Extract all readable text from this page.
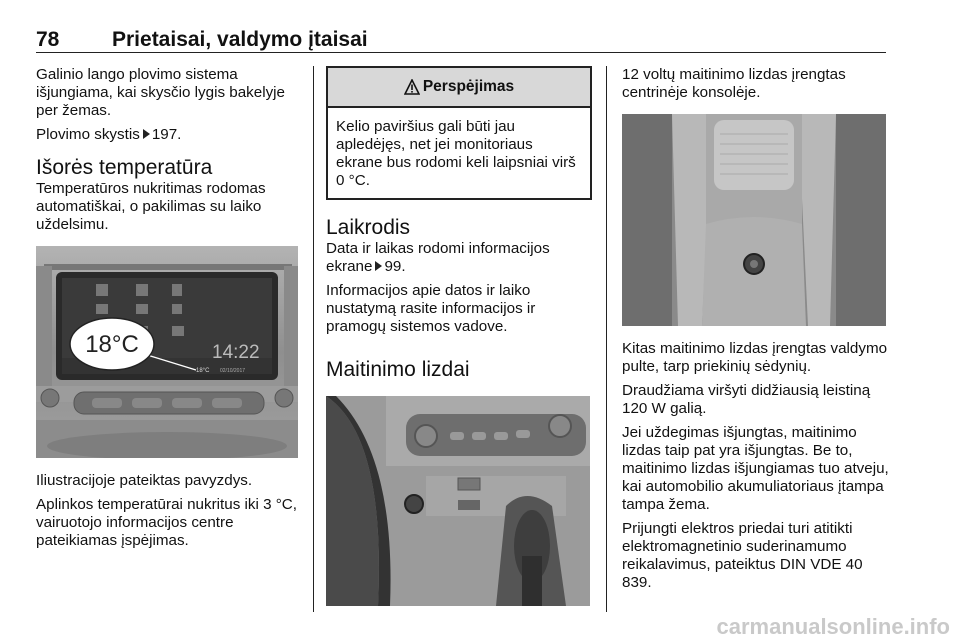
78	Prietaisai, valdymo įtaisai

Galinio lango plovimo sistema išjungiama, kai skysčio lygis bakelyje per žemas.

Plovimo skystis 197.

Išorės temperatūra

Temperatūros nukritimas rodomas automatiškai, o pakilimas su laiko uždelsimu.

14:22
18°C 02/10/2017
18°C

Iliustracijoje pateiktas pavyzdys.

Aplinkos temperatūrai nukritus iki 3 °C, vairuotojo informacijos centre pateikiamas įspėjimas.

Perspėjimas
Kelio paviršius gali būti jau apledėjęs, net jei monitoriaus ekrane bus rodomi keli laipsniai virš 0 °C.
Laikrodis

Data ir laikas rodomi informacijos ekrane 99.

Informacijos apie datos ir laiko nustatymą rasite informacijos ir pramogų sistemos vadove.

Maitinimo lizdai

12 voltų maitinimo lizdas įrengtas centrinėje konsolėje.

Kitas maitinimo lizdas įrengtas valdymo pulte, tarp priekinių sėdynių.

Draudžiama viršyti didžiausią leistiną 120 W galią.

Jei uždegimas išjungtas, maitinimo lizdas taip pat yra išjungtas. Be to, maitinimo lizdas išjungiamas tuo atveju, kai automobilio akumuliatoriaus įtampa tampa žema.

Prijungti elektros priedai turi atitikti elektromagnetinio suderinamumo reikalavimus, pateiktus DIN VDE 40 839.

carmanualsonline.info
